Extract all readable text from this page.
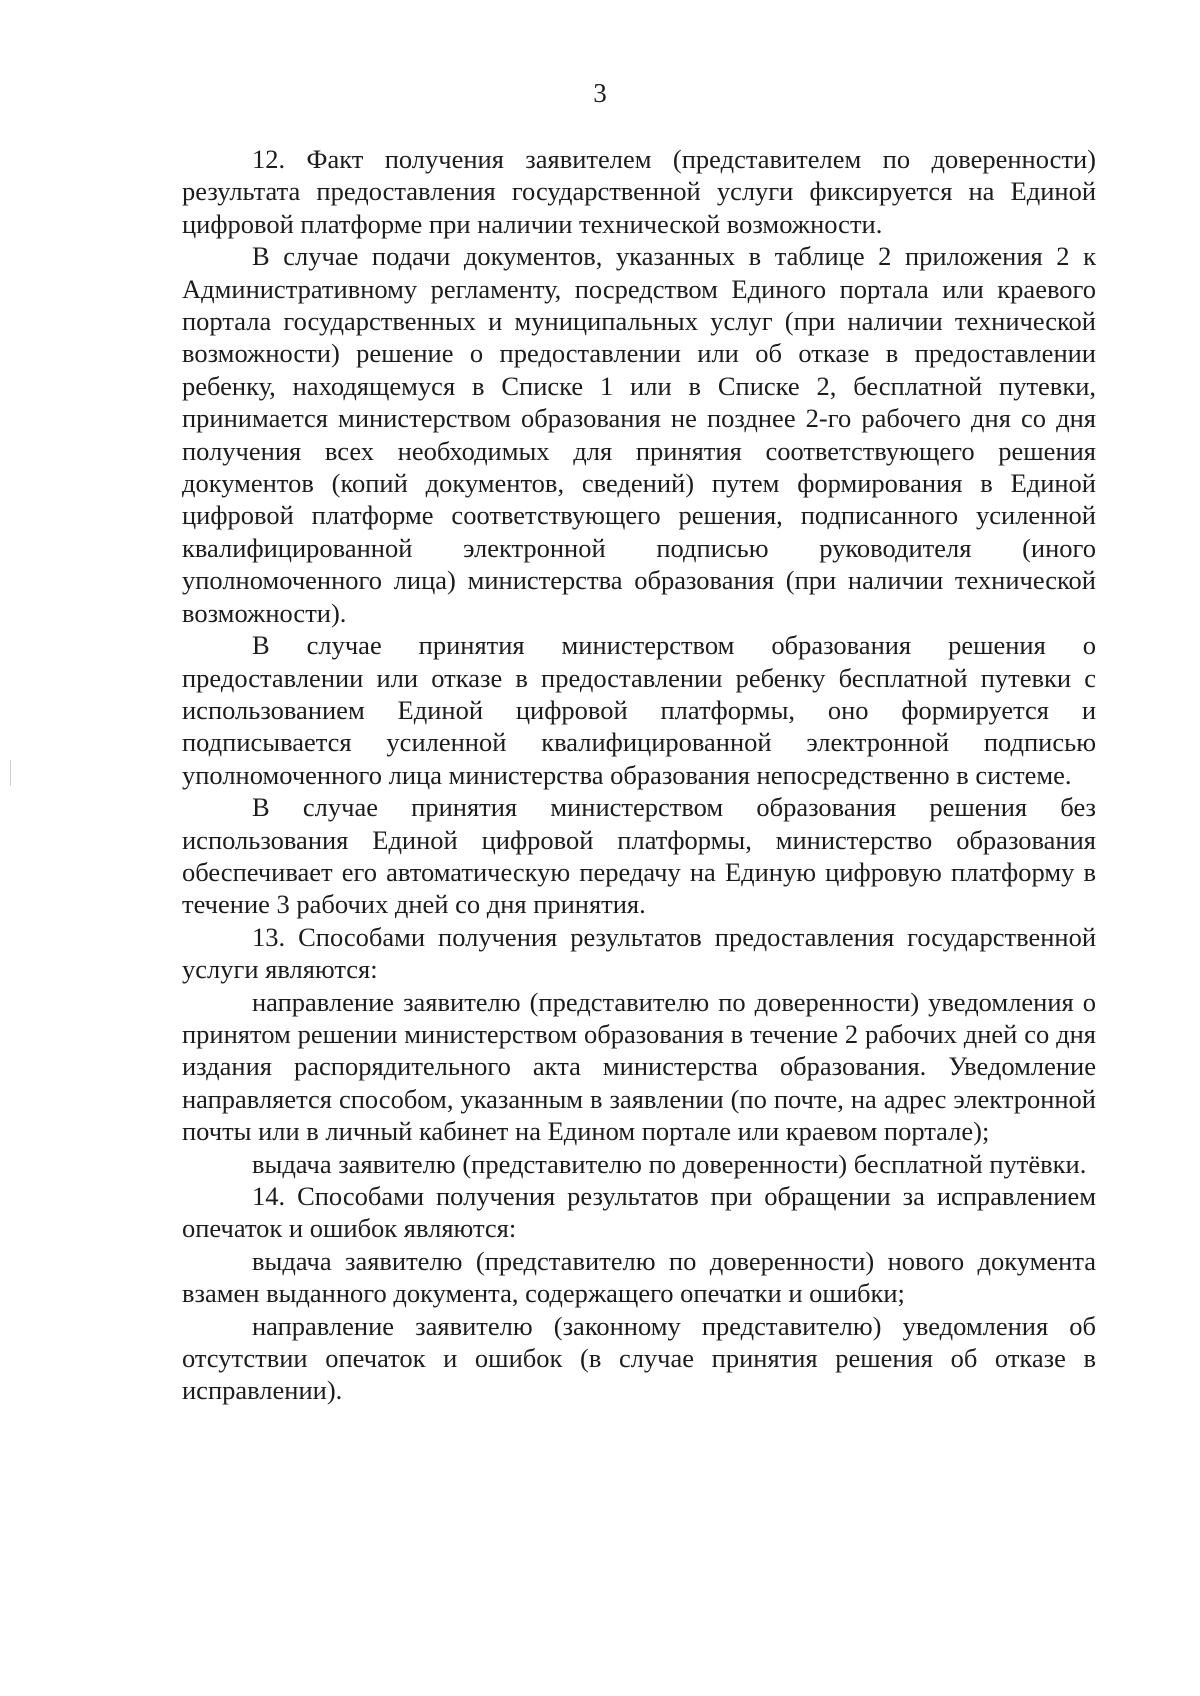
3

12. Факт получения заявителем (представителем по доверенности) результата предоставления государственной услуги фиксируется на Единой цифровой платформе при наличии технической возможности.

В случае подачи документов, указанных в таблице 2 приложения 2 к Административному регламенту, посредством Единого портала или краевого портала государственных и муниципальных услуг (при наличии технической возможности) решение о предоставлении или об отказе в предоставлении ребенку, находящемуся в Списке 1 или в Списке 2, бесплатной путевки, принимается министерством образования не позднее 2-го рабочего дня со дня получения всех необходимых для принятия соответствующего решения документов (копий документов, сведений) путем формирования в Единой цифровой платформе соответствующего решения, подписанного усиленной квалифицированной электронной подписью руководителя (иного уполномоченного лица) министерства образования (при наличии технической возможности).

В случае принятия министерством образования решения о предоставлении или отказе в предоставлении ребенку бесплатной путевки с использованием Единой цифровой платформы, оно формируется и подписывается усиленной квалифицированной электронной подписью уполномоченного лица министерства образования непосредственно в системе.

В случае принятия министерством образования решения без использования Единой цифровой платформы, министерство образования обеспечивает его автоматическую передачу на Единую цифровую платформу в течение 3 рабочих дней со дня принятия.

13. Способами получения результатов предоставления государственной услуги являются:

направление заявителю (представителю по доверенности) уведомления о принятом решении министерством образования в течение 2 рабочих дней со дня издания распорядительного акта министерства образования. Уведомление направляется способом, указанным в заявлении (по почте, на адрес электронной почты или в личный кабинет на Едином портале или краевом портале);

выдача заявителю (представителю по доверенности) бесплатной путёвки.

14. Способами получения результатов при обращении за исправлением опечаток и ошибок являются:

выдача заявителю (представителю по доверенности) нового документа взамен выданного документа, содержащего опечатки и ошибки;

направление заявителю (законному представителю) уведомления об отсутствии опечаток и ошибок (в случае принятия решения об отказе в исправлении).
